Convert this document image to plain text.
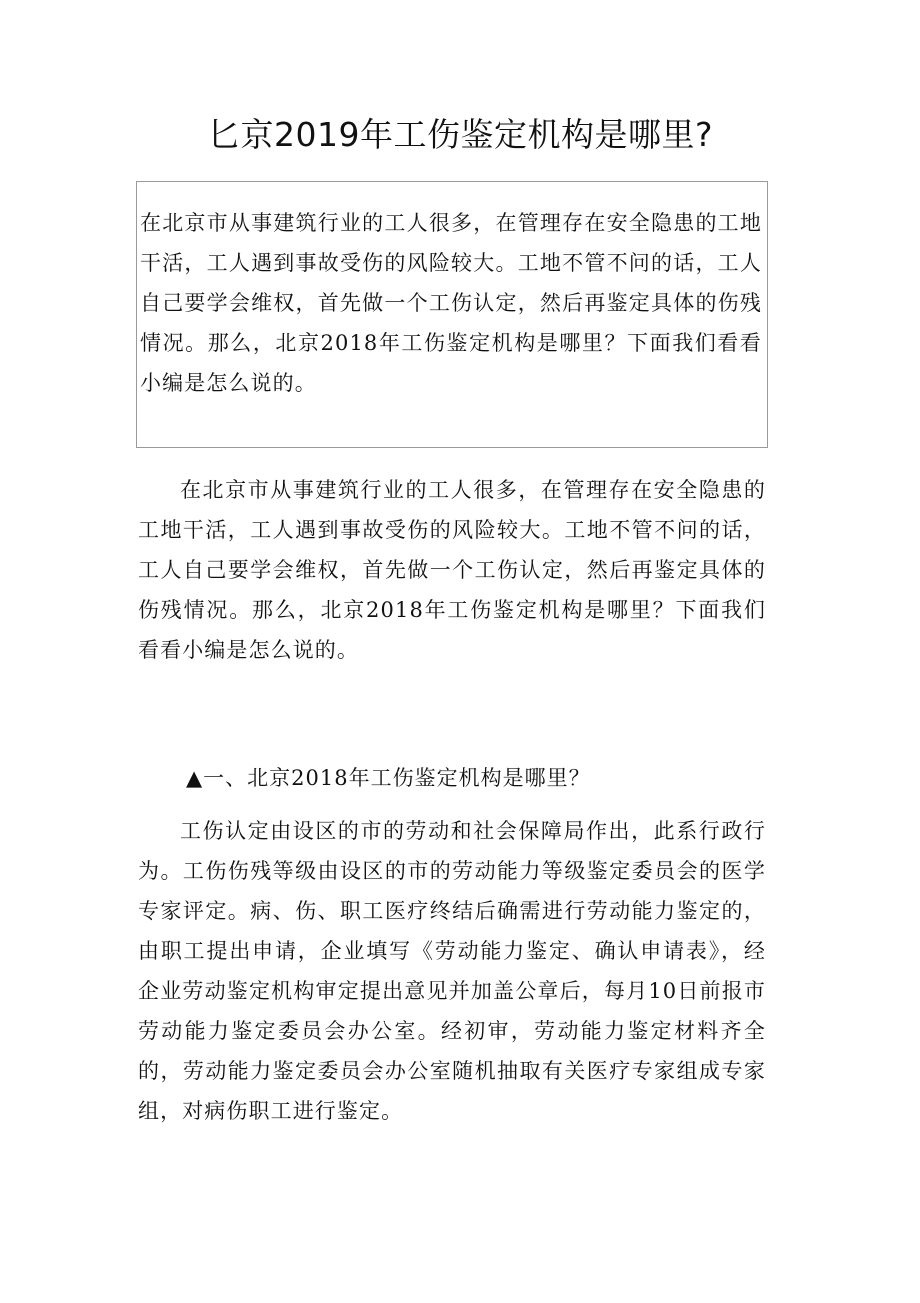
匕京2019年工伤鉴定机构是哪里?

在北京市从事建筑行业的工人很多，在管理存在安全隐患的工地干活，工人遇到事故受伤的风险较大。工地不管不问的话，工人自己要学会维权，首先做一个工伤认定，然后再鉴定具体的伤残情况。那么，北京2018年工伤鉴定机构是哪里？下面我们看看小编是怎么说的。

在北京市从事建筑行业的工人很多，在管理存在安全隐患的工地干活，工人遇到事故受伤的风险较大。工地不管不问的话，工人自己要学会维权，首先做一个工伤认定，然后再鉴定具体的伤残情况。那么，北京2018年工伤鉴定机构是哪里？下面我们看看小编是怎么说的。

▲一、北京2018年工伤鉴定机构是哪里？

工伤认定由设区的市的劳动和社会保障局作出，此系行政行为。工伤伤残等级由设区的市的劳动能力等级鉴定委员会的医学专家评定。病、伤、职工医疗终结后确需进行劳动能力鉴定的，由职工提出申请，企业填写《劳动能力鉴定、确认申请表》，经企业劳动鉴定机构审定提出意见并加盖公章后，每月10日前报市劳动能力鉴定委员会办公室。经初审，劳动能力鉴定材料齐全的，劳动能力鉴定委员会办公室随机抽取有关医疗专家组成专家组，对病伤职工进行鉴定。
